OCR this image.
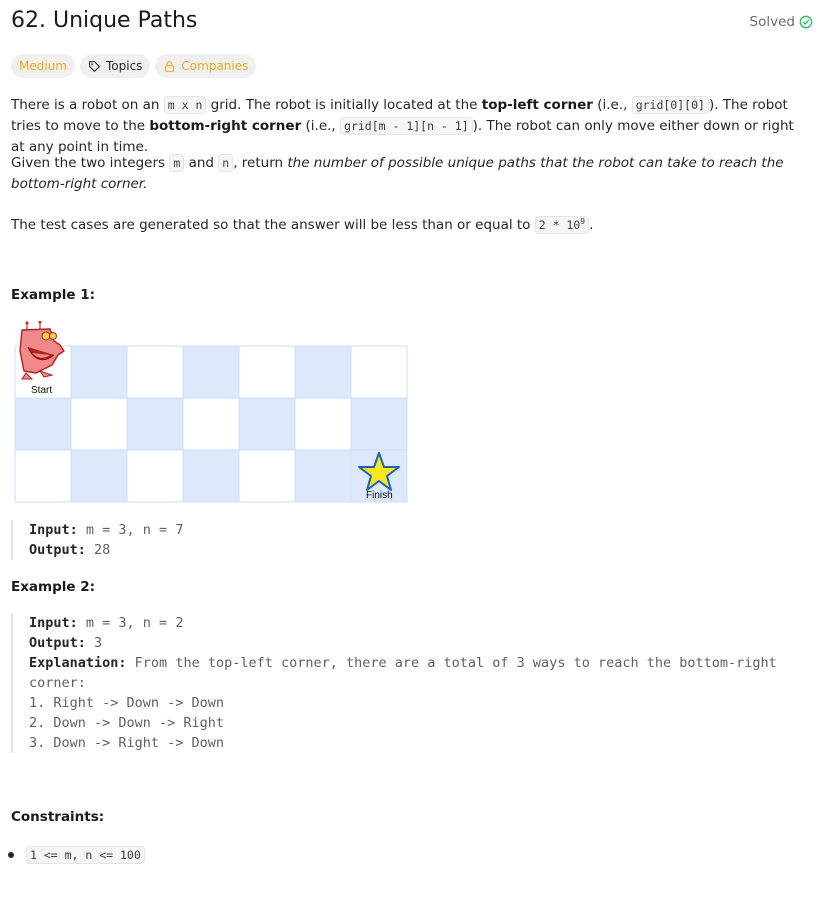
62. Unique Paths	Solved
Medium	Topics	Companies

There is a robot on an m x n grid. The robot is initially located at the top-left corner (i.e., grid[0][0] ). The robot tries to move to the bottom-right corner (i.e., grid[m - 1][n - 1] ). The robot can only move either down or right at any point in time.

Given the two integers m and n , return the number of possible unique paths that the robot can take to reach the bottom-right corner.

The test cases are generated so that the answer will be less than or equal to $2 * 10^9$ .

Example 1:
Start
Finish
Input: m = 3, n = 7
Output: 28
Example 2:
Input: m = 3, n = 2
Output: 3
Explanation: From the top-left corner, there are a total of 3 ways to reach the bottom-right
corner:
1. Right -> Down -> Down
2. Down -> Down -> Right
3. Down -> Right -> Down
Constraints:
1 <= m, n <= 100
